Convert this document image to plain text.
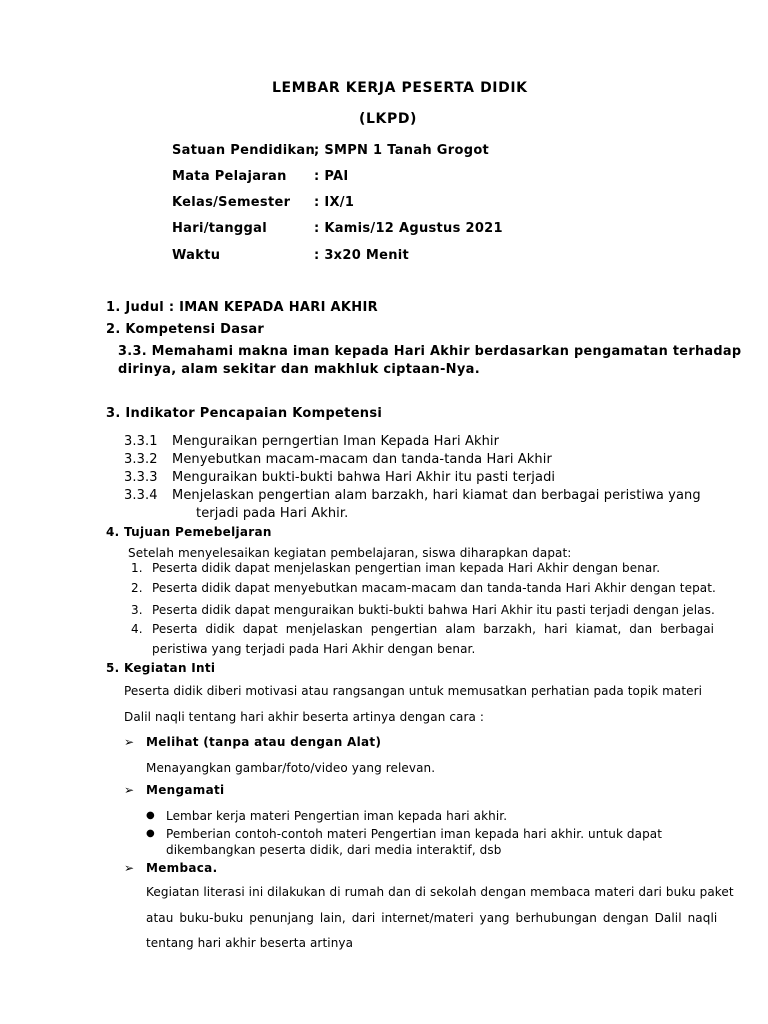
LEMBAR KERJA PESERTA DIDIK
(LKPD)
Satuan Pendidikan
; SMPN 1 Tanah Grogot
Mata Pelajaran : PAI
Kelas/Semester : IX/1
Hari/tanggal	: Kamis/12 Agustus 2021
Waktu	: 3x20 Menit
1. Judul : IMAN KEPADA HARI AKHIR
2. Kompetensi Dasar
3.3. Memahami makna iman kepada Hari Akhir berdasarkan pengamatan terhadap
dirinya, alam sekitar dan makhluk ciptaan-Nya.
3. Indikator Pencapaian Kompetensi
3.3.1 Menguraikan perngertian Iman Kepada Hari Akhir
3.3.2 Menyebutkan macam-macam dan tanda-tanda Hari Akhir
3.3.3 Menguraikan bukti-bukti bahwa Hari Akhir itu pasti terjadi
3.3.4 Menjelaskan pengertian alam barzakh, hari kiamat dan berbagai peristiwa yang
terjadi pada Hari Akhir.
4. Tujuan Pemebeljaran
Setelah menyelesaikan kegiatan pembelajaran, siswa diharapkan dapat:
1. Peserta didik dapat menjelaskan pengertian iman kepada Hari Akhir dengan benar.
2. Peserta didik dapat menyebutkan macam-macam dan tanda-tanda Hari Akhir dengan tepat.
3. Peserta didik dapat menguraikan bukti-bukti bahwa Hari Akhir itu pasti terjadi dengan jelas.
4. Peserta didik dapat menjelaskan pengertian alam barzakh, hari kiamat, dan berbagai
peristiwa yang terjadi pada Hari Akhir dengan benar.
5. Kegiatan Inti
Peserta didik diberi motivasi atau rangsangan untuk memusatkan perhatian pada topik materi
Dalil naqli tentang hari akhir beserta artinya dengan cara :
➢ Melihat (tanpa atau dengan Alat)
Menayangkan gambar/foto/video yang relevan.
➢ Mengamati
● Lembar kerja materi Pengertian iman kepada hari akhir.
● Pemberian contoh-contoh materi Pengertian iman kepada hari akhir. untuk dapat
dikembangkan peserta didik, dari media interaktif, dsb
➢ Membaca.
Kegiatan literasi ini dilakukan di rumah dan di sekolah dengan membaca materi dari buku paket
atau buku-buku penunjang lain, dari internet/materi yang berhubungan dengan Dalil naqli
tentang hari akhir beserta artinya
